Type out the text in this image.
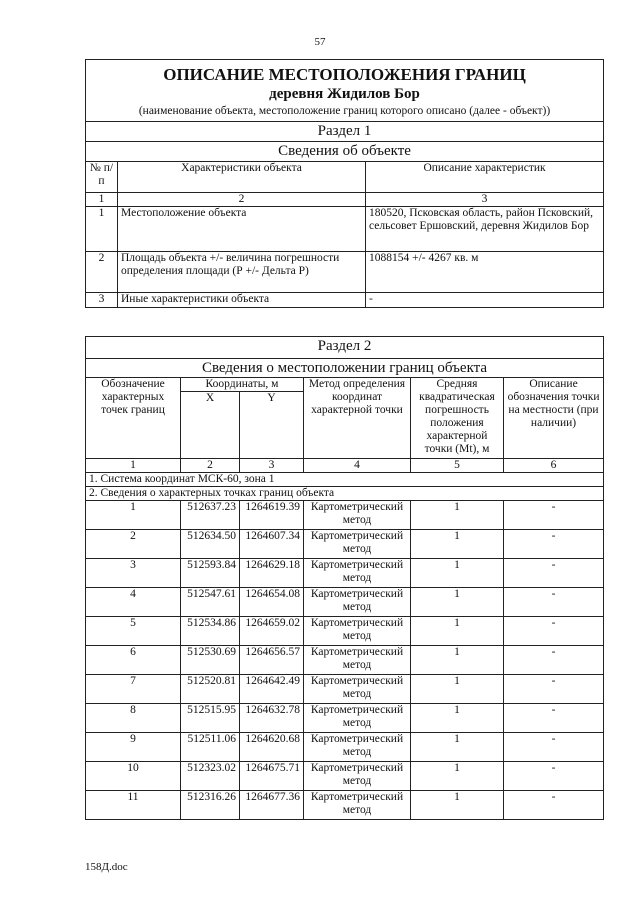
57
ОПИСАНИЕ МЕСТОПОЛОЖЕНИЯ ГРАНИЦ
деревня Жидилов Бор
(наименование объекта, местоположение границ которого описано (далее - объект))		

Раздел 1		
Сведения об объекте		
№ п/п	Характеристики объекта	Описание характеристик
1	2	3
1	Местоположение объекта	180520, Псковская область, район Псковский, сельсовет Ершовский, деревня Жидилов Бор
2	Площадь объекта +/- величина погрешности определения площади (Р +/- Дельта Р)	1088154 +/- 4267 кв. м
3	Иные характеристики объекта	-
Раздел 2					
Сведения о местоположении границ объекта					
Обозначение характерных точек границ	Координаты, м		Метод определения координат характерной точки	Средняя квадратическая погрешность положения характерной точки (Mt), м	Описание обозначения точки на местности (при наличии)
	X	Y			
1	2	3	4	5	6
1. Система координат МСК-60, зона 1					
2. Сведения о характерных точках границ объекта					
1	512637.23	1264619.39	Картометрический метод	1	-
2	512634.50	1264607.34	Картометрический метод	1	-
3	512593.84	1264629.18	Картометрический метод	1	-
4	512547.61	1264654.08	Картометрический метод	1	-
5	512534.86	1264659.02	Картометрический метод	1	-
6	512530.69	1264656.57	Картометрический метод	1	-
7	512520.81	1264642.49	Картометрический метод	1	-
8	512515.95	1264632.78	Картометрический метод	1	-
9	512511.06	1264620.68	Картометрический метод	1	-
10	512323.02	1264675.71	Картометрический метод	1	-
11	512316.26	1264677.36	Картометрический метод	1	-
158Д.doc
